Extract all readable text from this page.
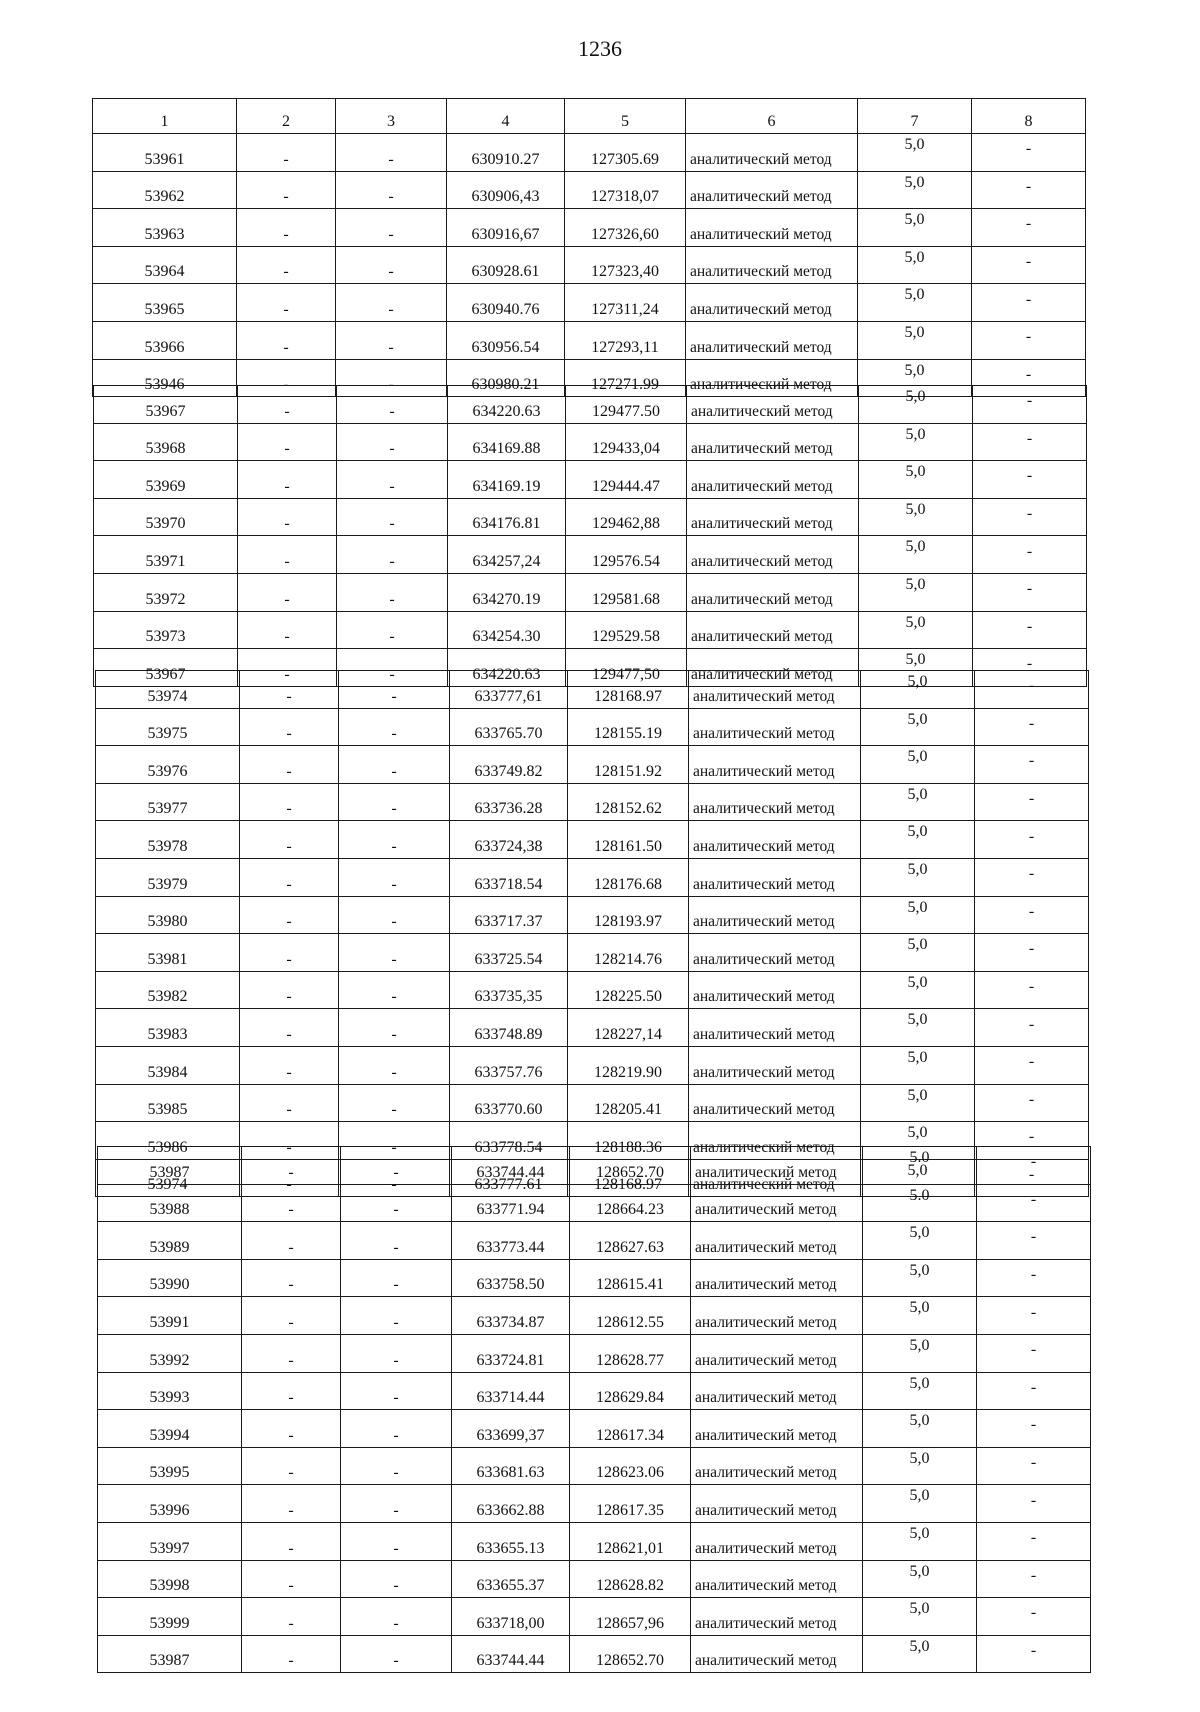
1236
1	2	3	4	5	6	7	8
53961	-	-	630910.27	127305.69	аналитический метод	5,0	-
53962	-	-	630906,43	127318,07	аналитический метод	5,0	-
53963	-	-	630916,67	127326,60	аналитический метод	5,0	-
53964	-	-	630928.61	127323,40	аналитический метод	5,0	-
53965	-	-	630940.76	127311,24	аналитический метод	5,0	-
53966	-	-	630956.54	127293,11	аналитический метод	5,0	-
53946	-	-	630980.21	127271.99	аналитический метод	5,0	-
53967	-	-	634220.63	129477.50	аналитический метод	5,0	-
53968	-	-	634169.88	129433,04	аналитический метод	5,0	-
53969	-	-	634169.19	129444.47	аналитический метод	5,0	-
53970	-	-	634176.81	129462,88	аналитический метод	5,0	-
53971	-	-	634257,24	129576.54	аналитический метод	5,0	-
53972	-	-	634270.19	129581.68	аналитический метод	5,0	-
53973	-	-	634254.30	129529.58	аналитический метод	5,0	-
53967	-	-	634220.63	129477,50	аналитический метод	5,0	-
53974	-	-	633777,61	128168.97	аналитический метод	5,0	-
53975	-	-	633765.70	128155.19	аналитический метод	5,0	-
53976	-	-	633749.82	128151.92	аналитический метод	5,0	-
53977	-	-	633736.28	128152.62	аналитический метод	5,0	-
53978	-	-	633724,38	128161.50	аналитический метод	5,0	-
53979	-	-	633718.54	128176.68	аналитический метод	5,0	-
53980	-	-	633717.37	128193.97	аналитический метод	5,0	-
53981	-	-	633725.54	128214.76	аналитический метод	5,0	-
53982	-	-	633735,35	128225.50	аналитический метод	5,0	-
53983	-	-	633748.89	128227,14	аналитический метод	5,0	-
53984	-	-	633757.76	128219.90	аналитический метод	5,0	-
53985	-	-	633770.60	128205.41	аналитический метод	5,0	-
53986	-	-	633778.54	128188.36	аналитический метод	5,0	-
53974	-	-	633777.61	128168.97	аналитический метод	5,0	-
53987	-	-	633744.44	128652.70	аналитический метод	5.0	-
53988	-	-	633771.94	128664.23	аналитический метод	5.0	-
53989	-	-	633773.44	128627.63	аналитический метод	5,0	-
53990	-	-	633758.50	128615.41	аналитический метод	5,0	-
53991	-	-	633734.87	128612.55	аналитический метод	5,0	-
53992	-	-	633724.81	128628.77	аналитический метод	5,0	-
53993	-	-	633714.44	128629.84	аналитический метод	5,0	-
53994	-	-	633699,37	128617.34	аналитический метод	5,0	-
53995	-	-	633681.63	128623.06	аналитический метод	5,0	-
53996	-	-	633662.88	128617.35	аналитический метод	5,0	-
53997	-	-	633655.13	128621,01	аналитический метод	5,0	-
53998	-	-	633655.37	128628.82	аналитический метод	5,0	-
53999	-	-	633718,00	128657,96	аналитический метод	5,0	-
53987	-	-	633744.44	128652.70	аналитический метод	5,0	-
